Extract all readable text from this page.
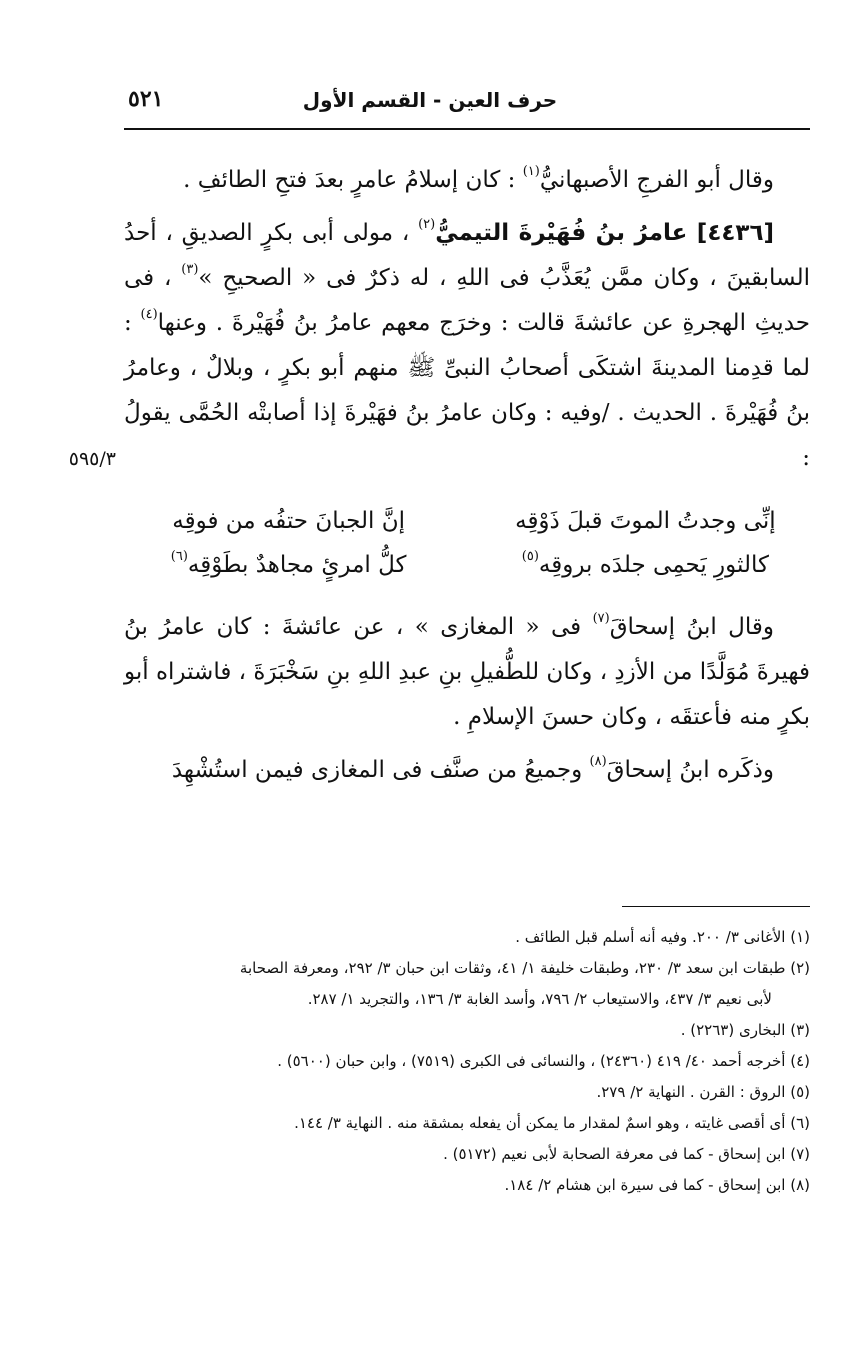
حرف العين - القسم الأول
٥٢١
٥٩٥/٣

وقال أبو الفرجِ الأصبهانيُّ$^{(١)}$ : كان إسلامُ عامرٍ بعدَ فتحِ الطائفِ .

[٤٤٣٦] عامرُ بنُ فُهَيْرةَ التيميُّ$^{(٢)}$ ، مولى أبى بكرٍ الصديقِ ، أحدُ السابقينَ ، وكان ممَّن يُعَذَّبُ فى اللهِ ، له ذكرٌ فى « الصحيحِ »$^{(٣)}$ ، فى حديثِ الهجرةِ عن عائشةَ قالت : وخرَج معهم عامرُ بنُ فُهَيْرةَ . وعنها$^{(٤)}$ : لما قدِمنا المدينةَ اشتكَى أصحابُ النبىِّ ﷺ منهم أبو بكرٍ ، وبلالٌ ، وعامرُ بنُ فُهَيْرةَ . الحديث . /وفيه : وكان عامرُ بنُ فهَيْرةَ إذا أصابتْه الحُمَّى يقولُ :

إنِّى وجدتُ الموتَ قبلَ ذَوْقِه
إنَّ الجبانَ حتفُه من فوقِه
كالثورِ يَحمِى جلدَه بروقِه$^{(٥)}$
كلُّ امرئٍ مجاهدٌ بطَوْقِه$^{(٦)}$

وقال ابنُ إسحاقَ$^{(٧)}$ فى « المغازى » ، عن عائشةَ : كان عامرُ بنُ فهيرةَ مُوَلَّدًا من الأزدِ ، وكان للطُّفيلِ بنِ عبدِ اللهِ بنِ سَخْبَرَةَ ، فاشتراه أبو بكرٍ منه فأعتقَه ، وكان حسنَ الإسلامِ .

وذكَره ابنُ إسحاقَ$^{(٨)}$ وجميعُ من صنَّف فى المغازى فيمن استُشْهِدَ

(١) الأغانى ٣/ ٢٠٠. وفيه أنه أسلم قبل الطائف .
(٢) طبقات ابن سعد ٣/ ٢٣٠، وطبقات خليفة ١/ ٤١، وثقات ابن حبان ٣/ ٢٩٢، ومعرفة الصحابة
لأبى نعيم ٣/ ٤٣٧، والاستيعاب ٢/ ٧٩٦، وأسد الغابة ٣/ ١٣٦، والتجريد ١/ ٢٨٧.
(٣) البخارى (٢٢٦٣) .
(٤) أخرجه أحمد ٤٠/ ٤١٩ (٢٤٣٦٠) ، والنسائى فى الكبرى (٧٥١٩) ، وابن حبان (٥٦٠٠) .
(٥) الروق : القرن . النهاية ٢/ ٢٧٩.
(٦) أى أقصى غايته ، وهو اسمٌ لمقدار ما يمكن أن يفعله بمشقة منه . النهاية ٣/ ١٤٤.
(٧) ابن إسحاق - كما فى معرفة الصحابة لأبى نعيم (٥١٧٢) .
(٨) ابن إسحاق - كما فى سيرة ابن هشام ٢/ ١٨٤.
